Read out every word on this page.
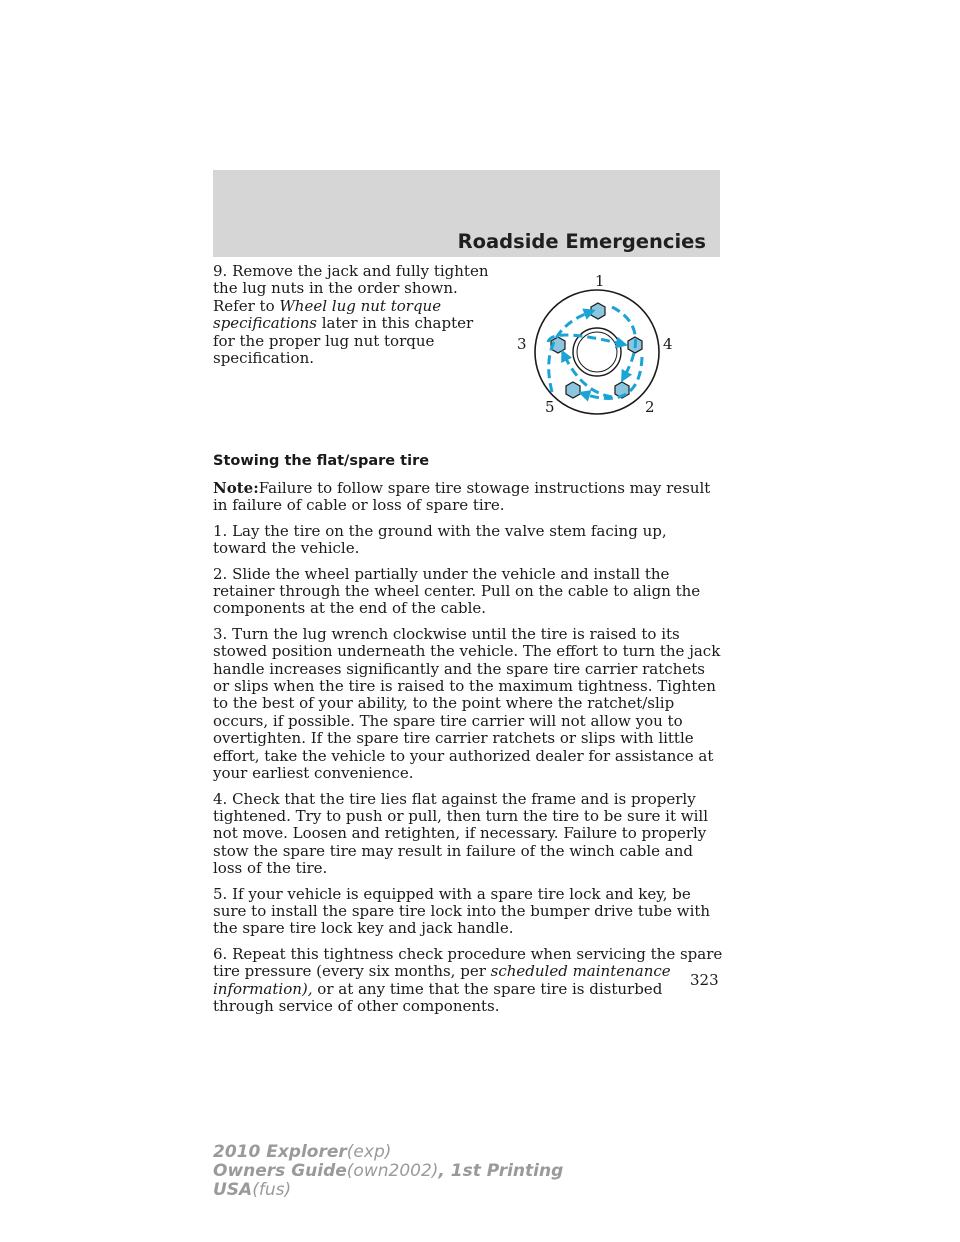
Roadside Emergencies
9. Remove the jack and fully tighten the lug nuts in the order shown. Refer to Wheel lug nut torque specifications later in this chapter for the proper lug nut torque specification.
1
4
2
5
3
Stowing the flat/spare tire

Note:Failure to follow spare tire stowage instructions may result in failure of cable or loss of spare tire.

1. Lay the tire on the ground with the valve stem facing up, toward the vehicle.

2. Slide the wheel partially under the vehicle and install the retainer through the wheel center. Pull on the cable to align the components at the end of the cable.

3. Turn the lug wrench clockwise until the tire is raised to its stowed position underneath the vehicle. The effort to turn the jack handle increases significantly and the spare tire carrier ratchets or slips when the tire is raised to the maximum tightness. Tighten to the best of your ability, to the point where the ratchet/slip occurs, if possible. The spare tire carrier will not allow you to overtighten. If the spare tire carrier ratchets or slips with little effort, take the vehicle to your authorized dealer for assistance at your earliest convenience.

4. Check that the tire lies flat against the frame and is properly tightened. Try to push or pull, then turn the tire to be sure it will not move. Loosen and retighten, if necessary. Failure to properly stow the spare tire may result in failure of the winch cable and loss of the tire.

5. If your vehicle is equipped with a spare tire lock and key, be sure to install the spare tire lock into the bumper drive tube with the spare tire lock key and jack handle.

6. Repeat this tightness check procedure when servicing the spare tire pressure (every six months, per scheduled maintenance information), or at any time that the spare tire is disturbed through service of other components.

323
2010 Explorer(exp)
Owners Guide(own2002), 1st Printing
USA(fus)
